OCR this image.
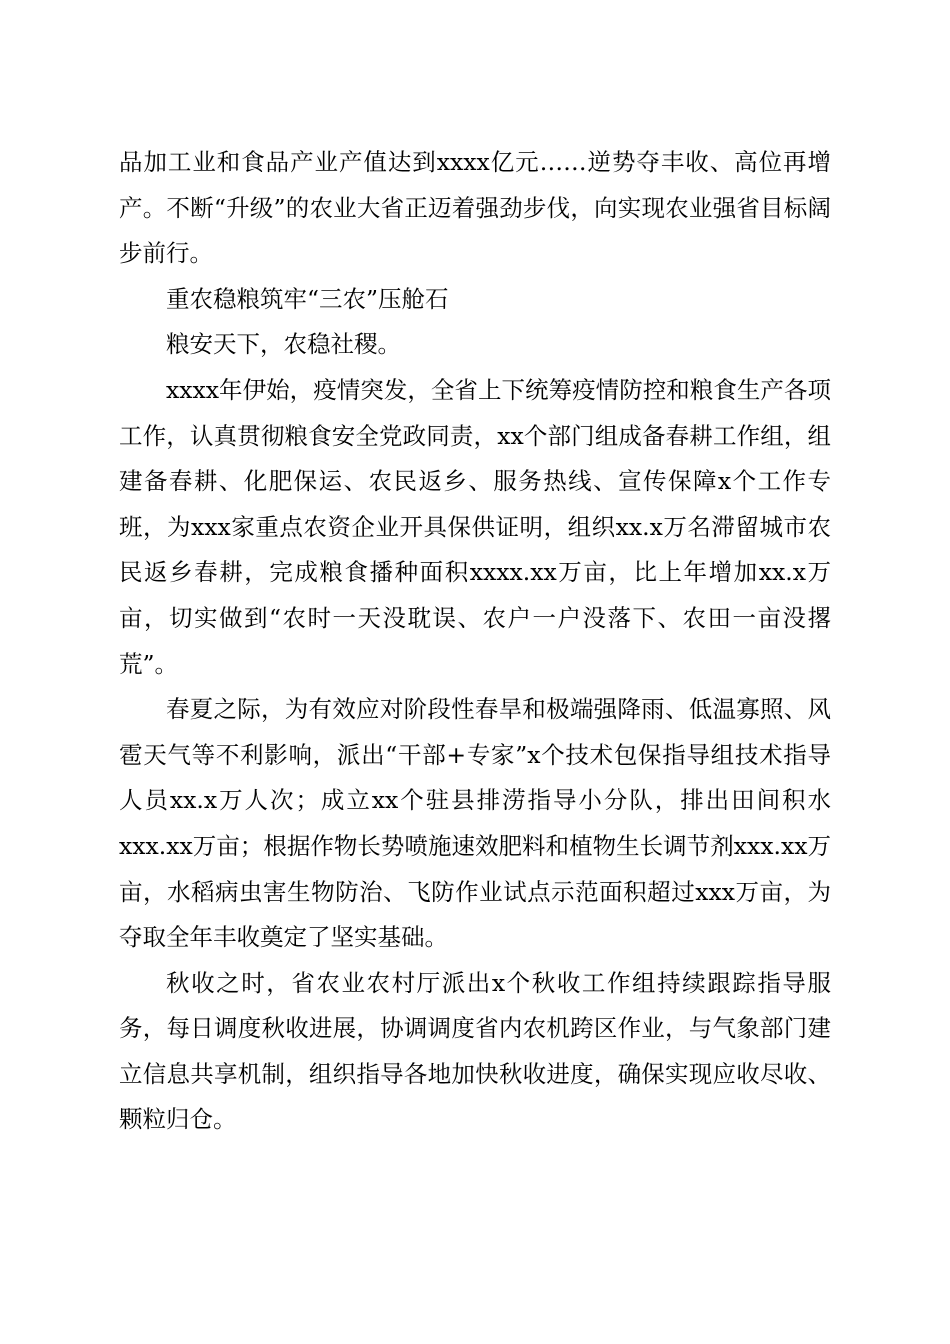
品加工业和食品产业产值达到xxxx亿元……逆势夺丰收、高位再增产。不断“升级”的农业大省正迈着强劲步伐，向实现农业强省目标阔步前行。

重农稳粮筑牢“三农”压舱石

粮安天下，农稳社稷。

xxxx年伊始，疫情突发，全省上下统筹疫情防控和粮食生产各项工作，认真贯彻粮食安全党政同责，xx个部门组成备春耕工作组，组建备春耕、化肥保运、农民返乡、服务热线、宣传保障x个工作专班，为xxx家重点农资企业开具保供证明，组织xx.x万名滞留城市农民返乡春耕，完成粮食播种面积xxxx.xx万亩，比上年增加xx.x万亩，切实做到“农时一天没耽误、农户一户没落下、农田一亩没撂荒”。

春夏之际，为有效应对阶段性春旱和极端强降雨、低温寡照、风雹天气等不利影响，派出“干部+专家”x个技术包保指导组技术指导人员xx.x万人次；成立xx个驻县排涝指导小分队，排出田间积水xxx.xx万亩；根据作物长势喷施速效肥料和植物生长调节剂xxx.xx万亩，水稻病虫害生物防治、飞防作业试点示范面积超过xxx万亩，为夺取全年丰收奠定了坚实基础。

秋收之时，省农业农村厅派出x个秋收工作组持续跟踪指导服务，每日调度秋收进展，协调调度省内农机跨区作业，与气象部门建立信息共享机制，组织指导各地加快秋收进度，确保实现应收尽收、颗粒归仓。
